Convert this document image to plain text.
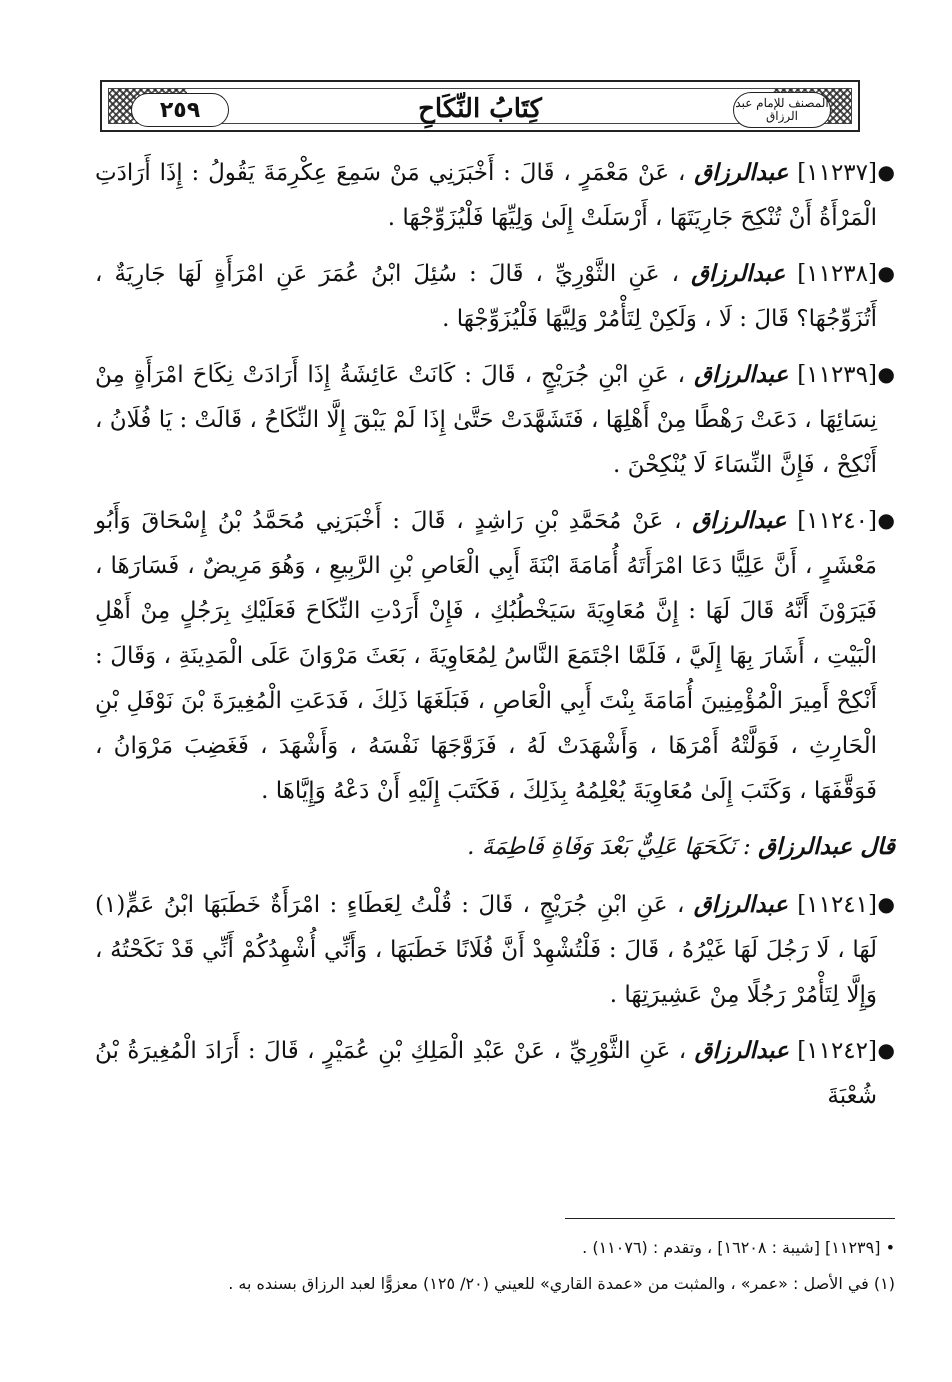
٢٥٩	المصنف للإمام عبد الرزاق
كِتَابُ النِّكَاحِ

●
[١١٢٣٧] عبدالرزاق ، عَنْ مَعْمَرٍ ، قَالَ : أَخْبَرَنِي مَنْ سَمِعَ عِكْرِمَةَ يَقُولُ : إِذَا أَرَادَتِ الْمَرْأَةُ أَنْ تُنْكِحَ جَارِيَتَهَا ، أَرْسَلَتْ إِلَىٰ وَلِيِّهَا فَلْيُزَوِّجْهَا .

●
[١١٢٣٨] عبدالرزاق ، عَنِ الثَّوْرِيِّ ، قَالَ : سُئِلَ ابْنُ عُمَرَ عَنِ امْرَأَةٍ لَهَا جَارِيَةٌ ، أَتُزَوِّجُهَا؟ قَالَ : لَا ، وَلَكِنْ لِتَأْمُرْ وَلِيَّهَا فَلْيُزَوِّجْهَا .

●
[١١٢٣٩] عبدالرزاق ، عَنِ ابْنِ جُرَيْجٍ ، قَالَ : كَانَتْ عَائِشَةُ إِذَا أَرَادَتْ نِكَاحَ امْرَأَةٍ مِنْ نِسَائِهَا ، دَعَتْ رَهْطًا مِنْ أَهْلِهَا ، فَتَشَهَّدَتْ حَتَّىٰ إِذَا لَمْ يَبْقَ إِلَّا النِّكَاحُ ، قَالَتْ : يَا فُلَانُ ، أَنْكِحْ ، فَإِنَّ النِّسَاءَ لَا يُنْكِحْنَ .

●
[١١٢٤٠] عبدالرزاق ، عَنْ مُحَمَّدِ بْنِ رَاشِدٍ ، قَالَ : أَخْبَرَنِي مُحَمَّدُ بْنُ إِسْحَاقَ وَأَبُو مَعْشَرٍ ، أَنَّ عَلِيًّا دَعَا امْرَأَتَهُ أُمَامَةَ ابْنَةَ أَبِي الْعَاصِ بْنِ الرَّبِيعِ ، وَهُوَ مَرِيضٌ ، فَسَارَهَا ، فَيَرَوْنَ أَنَّهُ قَالَ لَهَا : إِنَّ مُعَاوِيَةَ سَيَخْطُبُكِ ، فَإِنْ أَرَدْتِ النِّكَاحَ فَعَلَيْكِ بِرَجُلٍ مِنْ أَهْلِ الْبَيْتِ ، أَشَارَ بِهَا إِلَيَّ ، فَلَمَّا اجْتَمَعَ النَّاسُ لِمُعَاوِيَةَ ، بَعَثَ مَرْوَانَ عَلَى الْمَدِينَةِ ، وَقَالَ : أَنْكِحْ أَمِيرَ الْمُؤْمِنِينَ أُمَامَةَ بِنْتَ أَبِي الْعَاصِ ، فَبَلَغَهَا ذَلِكَ ، فَدَعَتِ الْمُغِيرَةَ بْنَ نَوْفَلِ بْنِ الْحَارِثِ ، فَوَلَّتْهُ أَمْرَهَا ، وَأَشْهَدَتْ لَهُ ، فَزَوَّجَهَا نَفْسَهُ ، وَأَشْهَدَ ، فَغَضِبَ مَرْوَانُ ، فَوَقَّفَهَا ، وَكَتَبَ إِلَىٰ مُعَاوِيَةَ يُعْلِمُهُ بِذَلِكَ ، فَكَتَبَ إِلَيْهِ أَنْ دَعْهُ وَإِيَّاهَا .

قال عبدالرزاق : نَكَحَهَا عَلِيٌّ بَعْدَ وَفَاةِ فَاطِمَةَ .

●
[١١٢٤١] عبدالرزاق ، عَنِ ابْنِ جُرَيْجٍ ، قَالَ : قُلْتُ لِعَطَاءٍ : امْرَأَةٌ خَطَبَهَا ابْنُ عَمٍّ(١) لَهَا ، لَا رَجُلَ لَهَا غَيْرُهُ ، قَالَ : فَلْتُشْهِدْ أَنَّ فُلَانًا خَطَبَهَا ، وَأَنِّي أُشْهِدُكُمْ أَنِّي قَدْ نَكَحْتُهُ ، وَإِلَّا لِتَأْمُرْ رَجُلًا مِنْ عَشِيرَتِهَا .

●
[١١٢٤٢] عبدالرزاق ، عَنِ الثَّوْرِيِّ ، عَنْ عَبْدِ الْمَلِكِ بْنِ عُمَيْرٍ ، قَالَ : أَرَادَ الْمُغِيرَةُ بْنُ شُعْبَةَ

• [١١٢٣٩] [شيبة : ١٦٢٠٨] ، وتقدم : (١١٠٧٦) .
(١) في الأصل : «عمر» ، والمثبت من «عمدة القاري» للعيني (٢٠/ ١٢٥) معزوًّا لعبد الرزاق بسنده به .
